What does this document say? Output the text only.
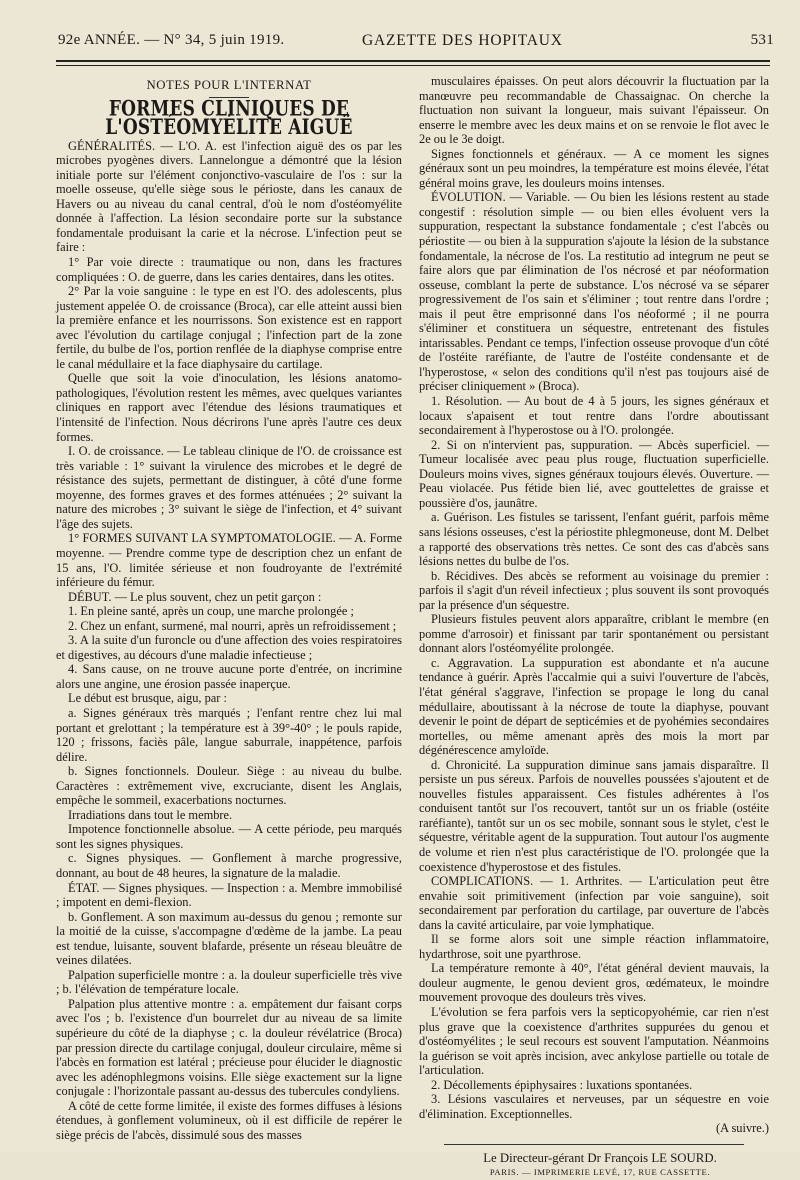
92e ANNÉE. — N° 34, 5 juin 1919.	GAZETTE DES HOPITAUX	531
NOTES POUR L'INTERNAT
FORMES CLINIQUES DE L'OSTÉOMYÉLITE AIGUË

GÉNÉRALITÉS. — L'O. A. est l'infection aiguë des os par les microbes pyogènes divers. Lannelongue a démontré que la lésion initiale porte sur l'élément conjonctivo-vasculaire de l'os : sur la moelle osseuse, qu'elle siège sous le périoste, dans les canaux de Havers ou au niveau du canal central, d'où le nom d'ostéomyélite donnée à l'affection. La lésion secondaire porte sur la substance fondamentale produisant la carie et la nécrose. L'infection peut se faire :

1° Par voie directe : traumatique ou non, dans les fractures compliquées : O. de guerre, dans les caries dentaires, dans les otites.

2° Par la voie sanguine : le type en est l'O. des adolescents, plus justement appelée O. de croissance (Broca), car elle atteint aussi bien la première enfance et les nourrissons. Son existence est en rapport avec l'évolution du cartilage conjugal ; l'infection part de la zone fertile, du bulbe de l'os, portion renflée de la diaphyse comprise entre le canal médullaire et la face diaphysaire du cartilage.

Quelle que soit la voie d'inoculation, les lésions anatomo-pathologiques, l'évolution restent les mêmes, avec quelques variantes cliniques en rapport avec l'étendue des lésions traumatiques et l'intensité de l'infection. Nous décrirons l'une après l'autre ces deux formes.

I. O. de croissance. — Le tableau clinique de l'O. de croissance est très variable : 1° suivant la virulence des microbes et le degré de résistance des sujets, permettant de distinguer, à côté d'une forme moyenne, des formes graves et des formes atténuées ; 2° suivant la nature des microbes ; 3° suivant le siège de l'infection, et 4° suivant l'âge des sujets.

1° FORMES SUIVANT LA SYMPTOMATOLOGIE. — A. Forme moyenne. — Prendre comme type de description chez un enfant de 15 ans, l'O. limitée sérieuse et non foudroyante de l'extrémité inférieure du fémur.

DÉBUT. — Le plus souvent, chez un petit garçon :

1. En pleine santé, après un coup, une marche prolongée ;

2. Chez un enfant, surmené, mal nourri, après un refroidissement ;

3. A la suite d'un furoncle ou d'une affection des voies respiratoires et digestives, au décours d'une maladie infectieuse ;

4. Sans cause, on ne trouve aucune porte d'entrée, on incrimine alors une angine, une érosion passée inaperçue.

Le début est brusque, aigu, par :

a. Signes généraux très marqués ; l'enfant rentre chez lui mal portant et grelottant ; la température est à 39°-40° ; le pouls rapide, 120 ; frissons, faciès pâle, langue saburrale, inappétence, parfois délire.

b. Signes fonctionnels. Douleur. Siège : au niveau du bulbe. Caractères : extrêmement vive, excruciante, disent les Anglais, empêche le sommeil, exacerbations nocturnes.

Irradiations dans tout le membre.

Impotence fonctionnelle absolue. — A cette période, peu marqués sont les signes physiques.

c. Signes physiques. — Gonflement à marche progressive, donnant, au bout de 48 heures, la signature de la maladie.

ÉTAT. — Signes physiques. — Inspection : a. Membre immobilisé ; impotent en demi-flexion.

b. Gonflement. A son maximum au-dessus du genou ; remonte sur la moitié de la cuisse, s'accompagne d'œdème de la jambe. La peau est tendue, luisante, souvent blafarde, présente un réseau bleuâtre de veines dilatées.

Palpation superficielle montre : a. la douleur superficielle très vive ; b. l'élévation de température locale.

Palpation plus attentive montre : a. empâtement dur faisant corps avec l'os ; b. l'existence d'un bourrelet dur au niveau de sa limite supérieure du côté de la diaphyse ; c. la douleur révélatrice (Broca) par pression directe du cartilage conjugal, douleur circulaire, même si l'abcès en formation est latéral ; précieuse pour élucider le diagnostic avec les adénophlegmons voisins. Elle siège exactement sur la ligne conjugale : l'horizontale passant au-dessus des tubercules condyliens.

A côté de cette forme limitée, il existe des formes diffuses à lésions étendues, à gonflement volumineux, où il est difficile de repérer le siège précis de l'abcès, dissimulé sous des masses

musculaires épaisses. On peut alors découvrir la fluctuation par la manœuvre peu recommandable de Chassaignac. On cherche la fluctuation non suivant la longueur, mais suivant l'épaisseur. On enserre le membre avec les deux mains et on se renvoie le flot avec le 2e ou le 3e doigt.

Signes fonctionnels et généraux. — A ce moment les signes généraux sont un peu moindres, la température est moins élevée, l'état général moins grave, les douleurs moins intenses.

ÉVOLUTION. — Variable. — Ou bien les lésions restent au stade congestif : résolution simple — ou bien elles évoluent vers la suppuration, respectant la substance fondamentale ; c'est l'abcès ou périostite — ou bien à la suppuration s'ajoute la lésion de la substance fondamentale, la nécrose de l'os. La restitutio ad integrum ne peut se faire alors que par élimination de l'os nécrosé et par néoformation osseuse, comblant la perte de substance. L'os nécrosé va se séparer progressivement de l'os sain et s'éliminer ; tout rentre dans l'ordre ; mais il peut être emprisonné dans l'os néoformé ; il ne pourra s'éliminer et constituera un séquestre, entretenant des fistules intarissables. Pendant ce temps, l'infection osseuse provoque d'un côté de l'ostéite raréfiante, de l'autre de l'ostéite condensante et de l'hyperostose, « selon des conditions qu'il n'est pas toujours aisé de préciser cliniquement » (Broca).

1. Résolution. — Au bout de 4 à 5 jours, les signes généraux et locaux s'apaisent et tout rentre dans l'ordre aboutissant secondairement à l'hyperostose ou à l'O. prolongée.

2. Si on n'intervient pas, suppuration. — Abcès superficiel. — Tumeur localisée avec peau plus rouge, fluctuation superficielle. Douleurs moins vives, signes généraux toujours élevés. Ouverture. — Peau violacée. Pus fétide bien lié, avec gouttelettes de graisse et poussière d'os, jaunâtre.

a. Guérison. Les fistules se tarissent, l'enfant guérit, parfois même sans lésions osseuses, c'est la périostite phlegmoneuse, dont M. Delbet a rapporté des observations très nettes. Ce sont des cas d'abcès sans lésions nettes du bulbe de l'os.

b. Récidives. Des abcès se reforment au voisinage du premier : parfois il s'agit d'un réveil infectieux ; plus souvent ils sont provoqués par la présence d'un séquestre.

Plusieurs fistules peuvent alors apparaître, criblant le membre (en pomme d'arrosoir) et finissant par tarir spontanément ou persistant donnant alors l'ostéomyélite prolongée.

c. Aggravation. La suppuration est abondante et n'a aucune tendance à guérir. Après l'accalmie qui a suivi l'ouverture de l'abcès, l'état général s'aggrave, l'infection se propage le long du canal médullaire, aboutissant à la nécrose de toute la diaphyse, pouvant devenir le point de départ de septicémies et de pyohémies secondaires mortelles, ou même amenant après des mois la mort par dégénérescence amyloïde.

d. Chronicité. La suppuration diminue sans jamais disparaître. Il persiste un pus séreux. Parfois de nouvelles poussées s'ajoutent et de nouvelles fistules apparaissent. Ces fistules adhérentes à l'os conduisent tantôt sur l'os recouvert, tantôt sur un os friable (ostéite raréfiante), tantôt sur un os sec mobile, sonnant sous le stylet, c'est le séquestre, véritable agent de la suppuration. Tout autour l'os augmente de volume et rien n'est plus caractéristique de l'O. prolongée que la coexistence d'hyperostose et des fistules.

COMPLICATIONS. — 1. Arthrites. — L'articulation peut être envahie soit primitivement (infection par voie sanguine), soit secondairement par perforation du cartilage, par ouverture de l'abcès dans la cavité articulaire, par voie lymphatique.

Il se forme alors soit une simple réaction inflammatoire, hydarthrose, soit une pyarthrose.

La température remonte à 40°, l'état général devient mauvais, la douleur augmente, le genou devient gros, œdémateux, le moindre mouvement provoque des douleurs très vives.

L'évolution se fera parfois vers la septicopyohémie, car rien n'est plus grave que la coexistence d'arthrites suppurées du genou et d'ostéomyélites ; le seul recours est souvent l'amputation. Néanmoins la guérison se voit après incision, avec ankylose partielle ou totale de l'articulation.

2. Décollements épiphysaires : luxations spontanées.

3. Lésions vasculaires et nerveuses, par un séquestre en voie d'élimination. Exceptionnelles.

(A suivre.)

Le Directeur-gérant Dr François LE SOURD.

PARIS. — IMPRIMERIE LEVÉ, 17, RUE CASSETTE.
